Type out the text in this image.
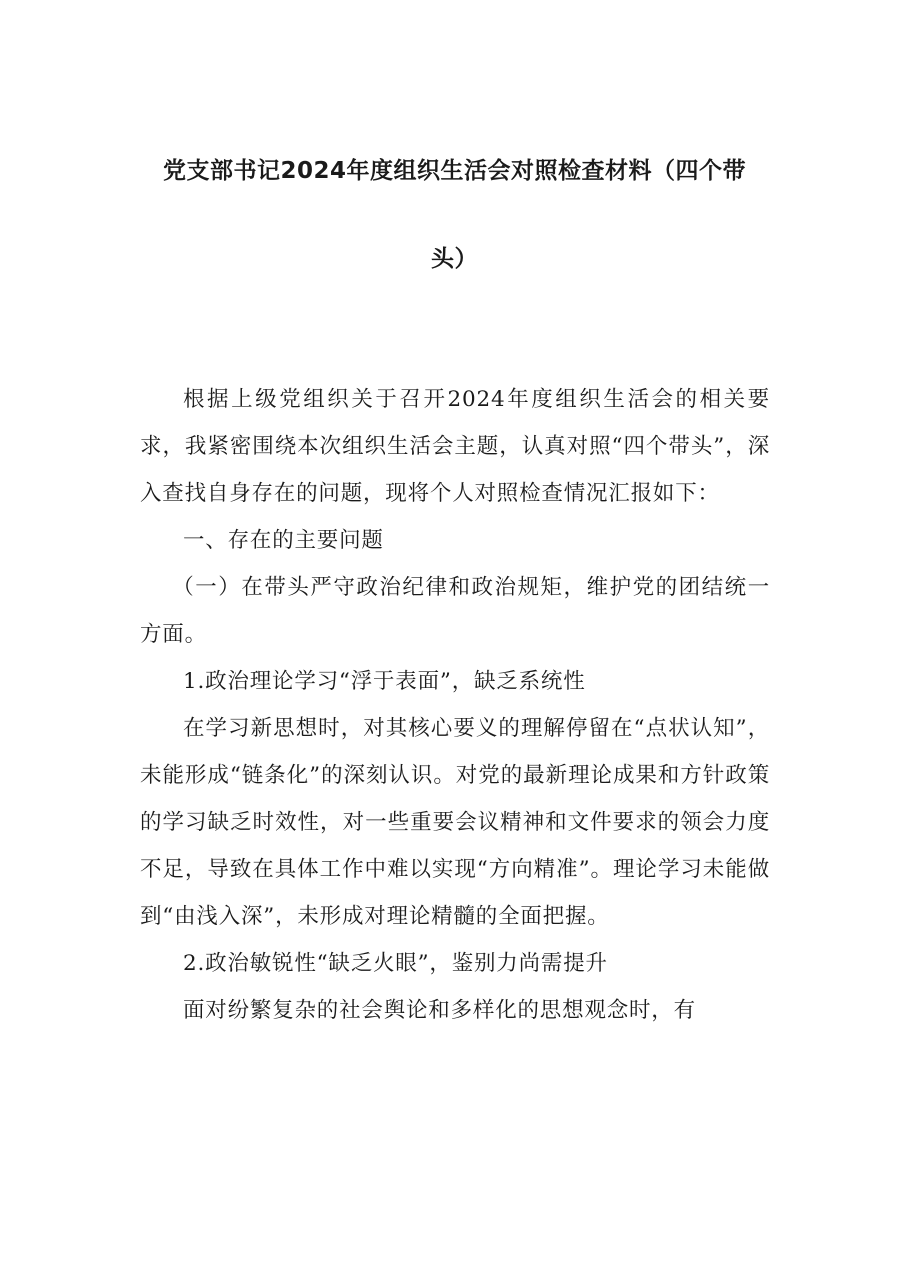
党支部书记2024年度组织生活会对照检查材料（四个带
头）

根据上级党组织关于召开2024年度组织生活会的相关要求，我紧密围绕本次组织生活会主题，认真对照“四个带头”，深入查找自身存在的问题，现将个人对照检查情况汇报如下：

一、存在的主要问题

（一）在带头严守政治纪律和政治规矩，维护党的团结统一方面。

1.政治理论学习“浮于表面”，缺乏系统性

在学习新思想时，对其核心要义的理解停留在“点状认知”，未能形成“链条化”的深刻认识。对党的最新理论成果和方针政策的学习缺乏时效性，对一些重要会议精神和文件要求的领会力度不足，导致在具体工作中难以实现“方向精准”。理论学习未能做到“由浅入深”，未形成对理论精髓的全面把握。

2.政治敏锐性“缺乏火眼”，鉴别力尚需提升

面对纷繁复杂的社会舆论和多样化的思想观念时，有
